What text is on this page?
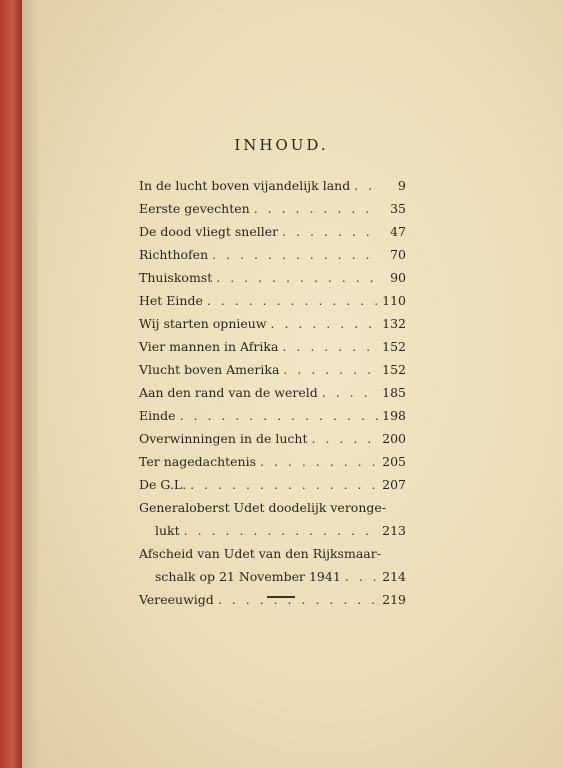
INHOUD.
In de lucht boven vijandelijk land . . .	9
Eerste gevechten . . .	35
De dood vliegt sneller . . .	47
Richthofen . . .	70
Thuiskomst . . .	90
Het Einde . . .	110
Wij starten opnieuw . . .	132
Vier mannen in Afrika . . .	152
Vlucht boven Amerika . . .	152
Aan den rand van de wereld . . .	185
Einde . . .	198
Overwinningen in de lucht . . .	200
Ter nagedachtenis . . .	205
De G.L. . . .	207
Generaloberst Udet doodelijk veronge-
lukt . . .	213
Afscheid van Udet van den Rijksmaar-
schalk op 21 November 1941 . . .	214
Vereeuwigd . . .	219
